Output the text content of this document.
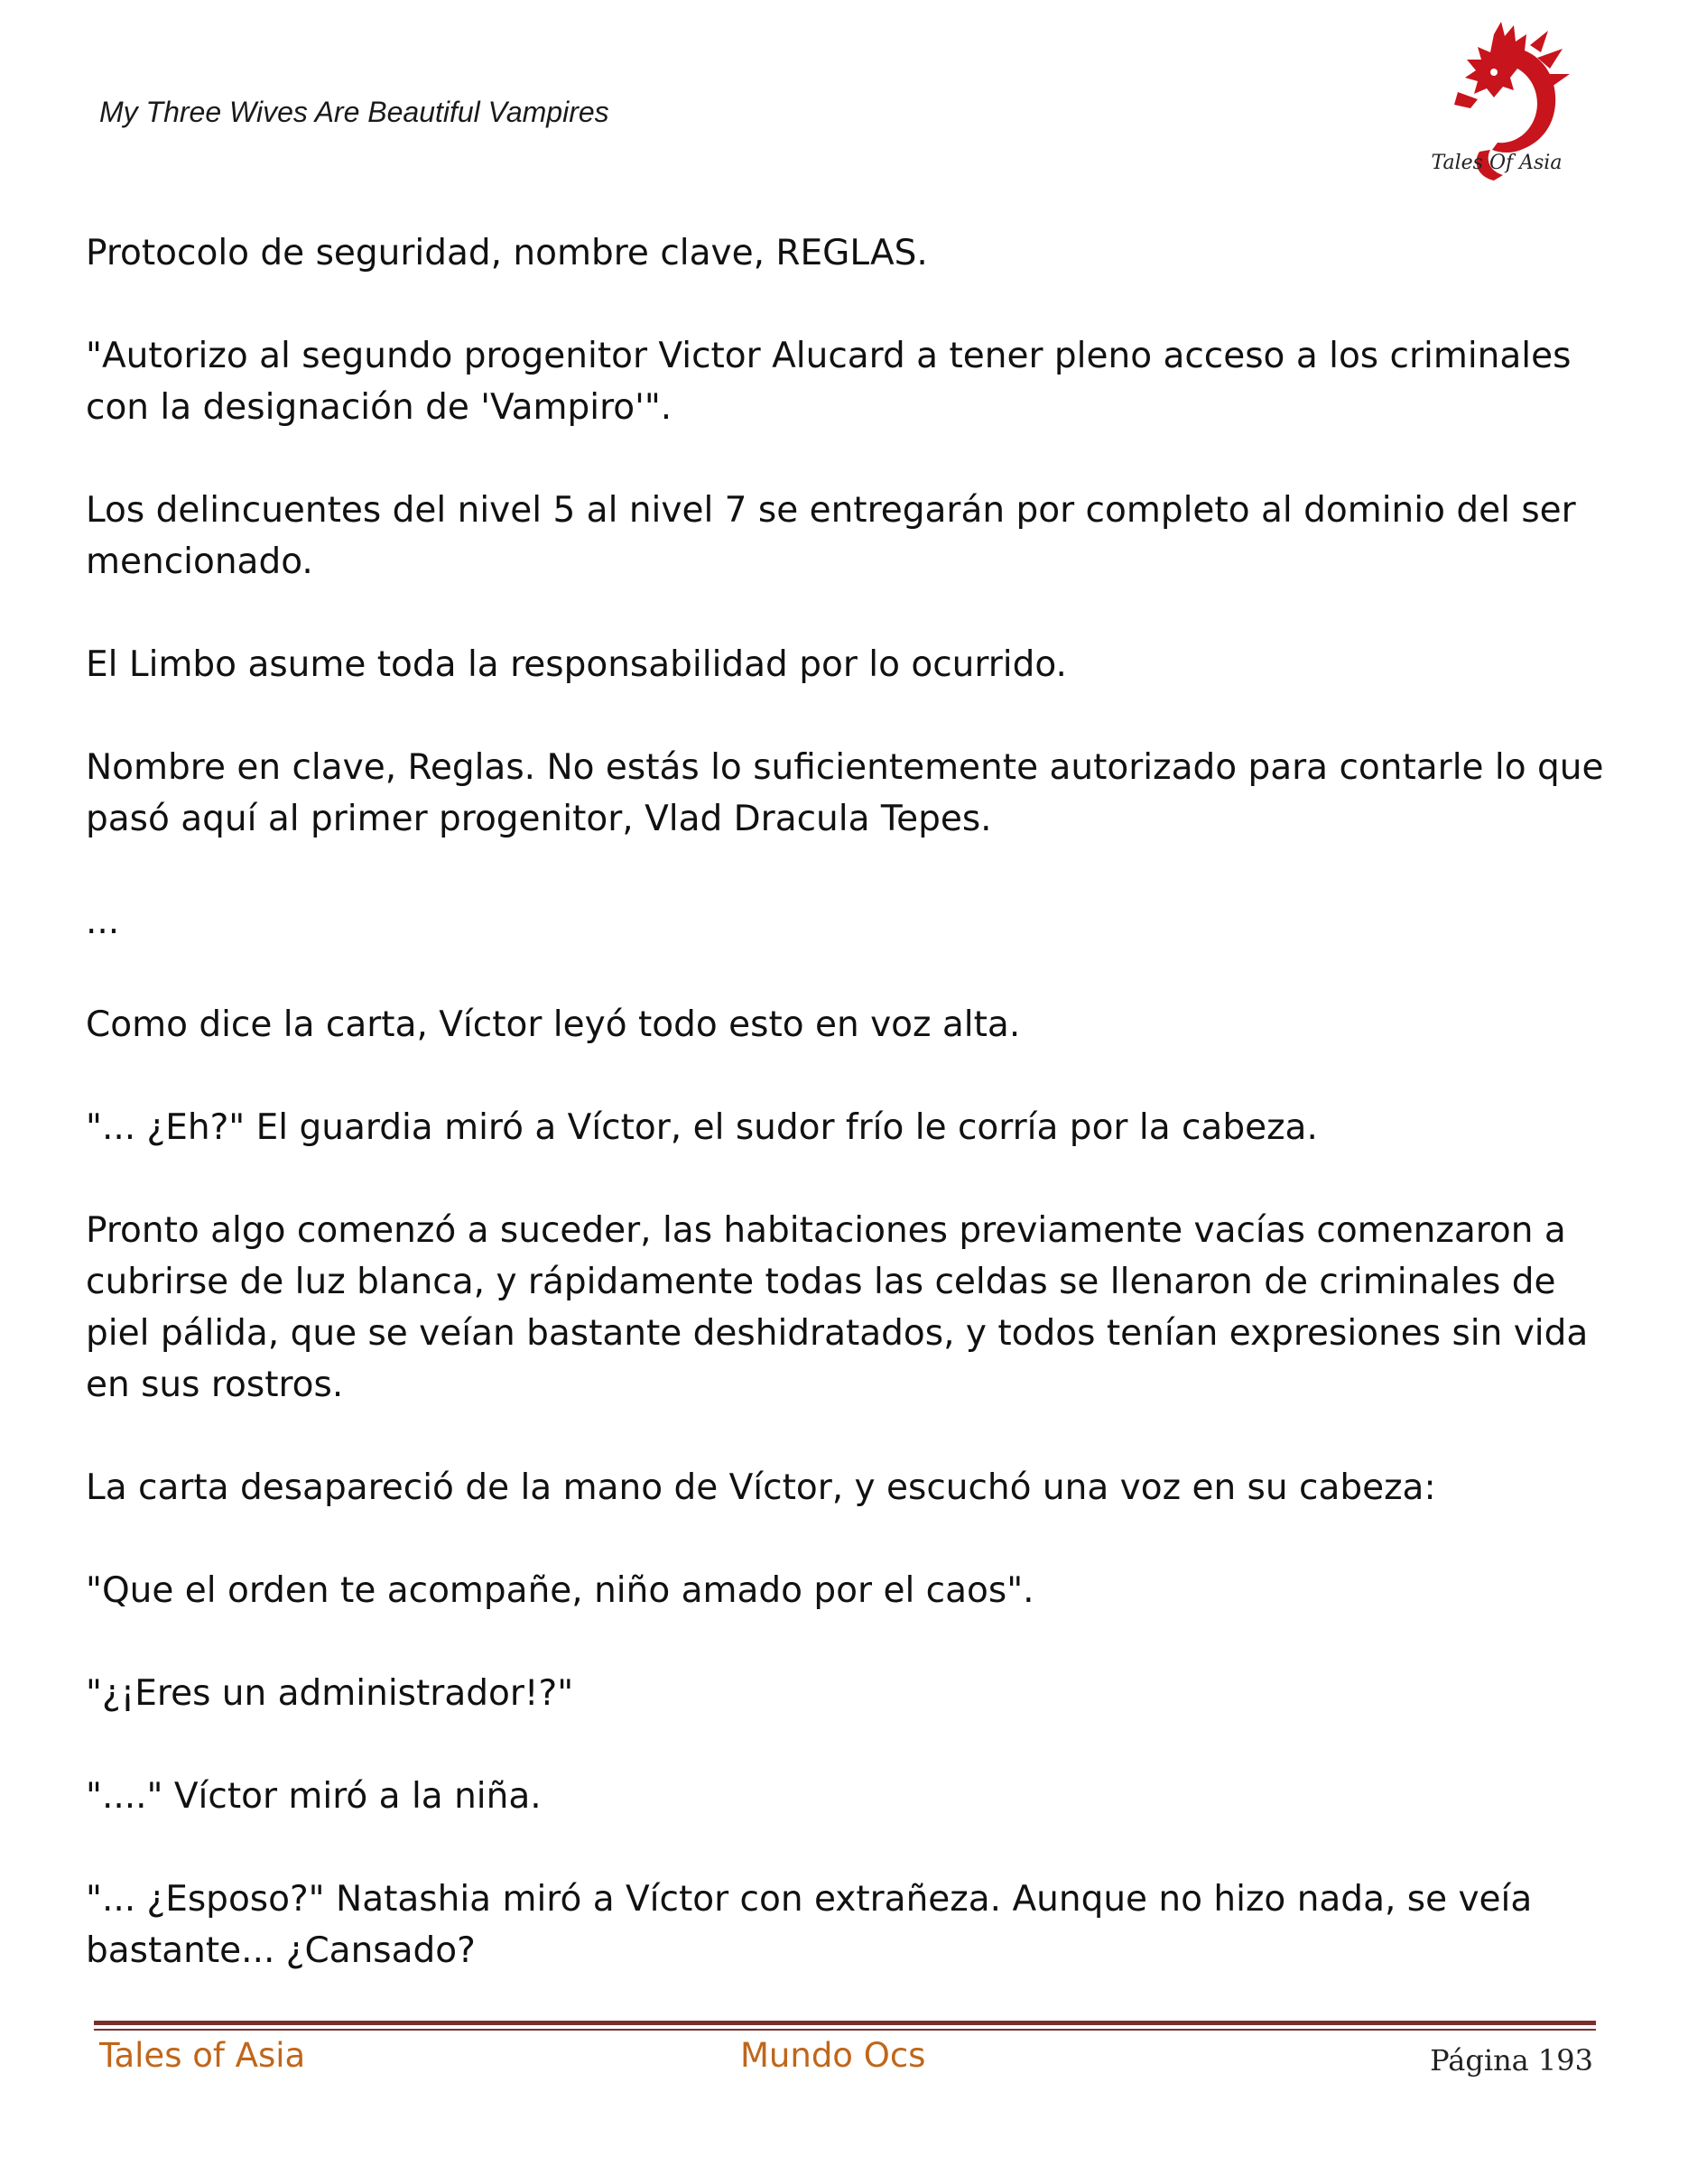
My Three Wives Are Beautiful Vampires
Tales Of Asia

Protocolo de seguridad, nombre clave, REGLAS.

"Autorizo al segundo progenitor Victor Alucard a tener pleno acceso a los criminales con la designación de 'Vampiro'".

Los delincuentes del nivel 5 al nivel 7 se entregarán por completo al dominio del ser mencionado.

El Limbo asume toda la responsabilidad por lo ocurrido.

Nombre en clave, Reglas. No estás lo suficientemente autorizado para contarle lo que pasó aquí al primer progenitor, Vlad Dracula Tepes.

...

Como dice la carta, Víctor leyó todo esto en voz alta.

"... ¿Eh?" El guardia miró a Víctor, el sudor frío le corría por la cabeza.

Pronto algo comenzó a suceder, las habitaciones previamente vacías comenzaron a cubrirse de luz blanca, y rápidamente todas las celdas se llenaron de criminales de piel pálida, que se veían bastante deshidratados, y todos tenían expresiones sin vida en sus rostros.

La carta desapareció de la mano de Víctor, y escuchó una voz en su cabeza:

"Que el orden te acompañe, niño amado por el caos".

"¿¡Eres un administrador!?"

"...." Víctor miró a la niña.

"... ¿Esposo?" Natashia miró a Víctor con extrañeza. Aunque no hizo nada, se veía bastante... ¿Cansado?

Tales of Asia	Mundo Ocs	Página 193
